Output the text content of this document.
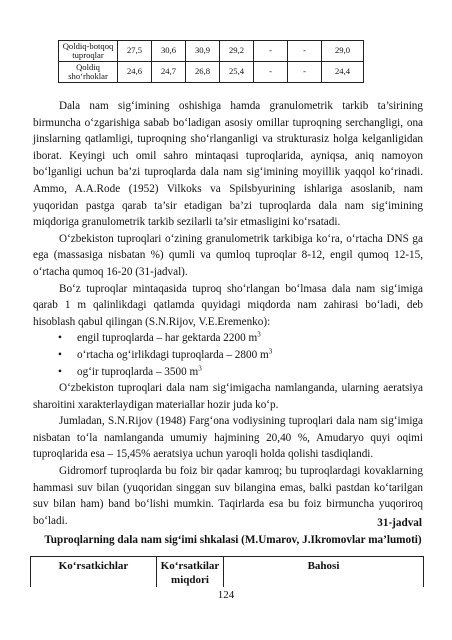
Qoldiq-botqoq tuproqlar	27,5	30,6	30,9	29,2	-	-	29,0
Qoldiq sho‘rhoklar	24,6	24,7	26,8	25,4	-	-	24,4

Dala nam sig‘imining oshishiga hamda granulometrik tarkib ta’sirining birmuncha o‘zgarishiga sabab bo‘ladigan asosiy omillar tuproqning serchangligi, ona jinslarning qatlamligi, tuproqning sho‘rlanganligi va strukturasiz holga kelganligidan iborat. Keyingi uch omil sahro mintaqasi tuproqlarida, ayniqsa, aniq namoyon bo‘lganligi uchun ba’zi tuproqlarda dala nam sig‘imining moyillik yaqqol ko‘rinadi. Ammo, A.A.Rode (1952) Vilkoks va Spilsbyurining ishlariga asoslanib, nam yuqoridan pastga qarab ta’sir etadigan ba’zi tuproqlarda dala nam sig‘imining miqdoriga granulometrik tarkib sezilarli ta’sir etmasligini ko‘rsatadi.

O‘zbekiston tuproqlari o‘zining granulometrik tarkibiga ko‘ra, o‘rtacha DNS ga ega (massasiga nisbatan %) qumli va qumloq tuproqlar 8-12, engil qumoq 12-15, o‘rtacha qumoq 16-20 (31-jadval).

Bo‘z tuproqlar mintaqasida tuproq sho‘rlangan bo‘lmasa dala nam sig‘imiga qarab 1 m qalinlikdagi qatlamda quyidagi miqdorda nam zahirasi bo‘ladi, deb hisoblash qabul qilingan (S.N.Rijov, V.E.Eremenko):

• engil tuproqlarda – har gektarda 2200 $m^3$
• o‘rtacha og‘irlikdagi tuproqlarda – 2800 $m^3$
• og‘ir tuproqlarda – 3500 $m^3$

O‘zbekiston tuproqlari dala nam sig‘imigacha namlanganda, ularning aeratsiya sharoitini xarakterlaydigan materiallar hozir juda ko‘p.

Jumladan, S.N.Rijov (1948) Farg‘ona vodiysining tuproqlari dala nam sig‘imiga nisbatan to‘la namlanganda umumiy hajmining 20,40 %, Amudaryo quyi oqimi tuproqlarida esa – 15,45% aeratsiya uchun yaroqli holda qolishi tasdiqlandi.

Gidromorf tuproqlarda bu foiz bir qadar kamroq; bu tuproqlardagi kovaklarning hammasi suv bilan (yuqoridan singgan suv bilangina emas, balki pastdan ko‘tarilgan suv bilan ham) band bo‘lishi mumkin. Taqirlarda esa bu foiz birmuncha yuqoriroq bo‘ladi.	31-jadval
Tuproqlarning dala nam sig‘imi shkalasi (M.Umarov, J.Ikromovlar ma’lumoti)
Ko‘rsatkichlar	Ko‘rsatkilar miqdori	Bahosi
124
